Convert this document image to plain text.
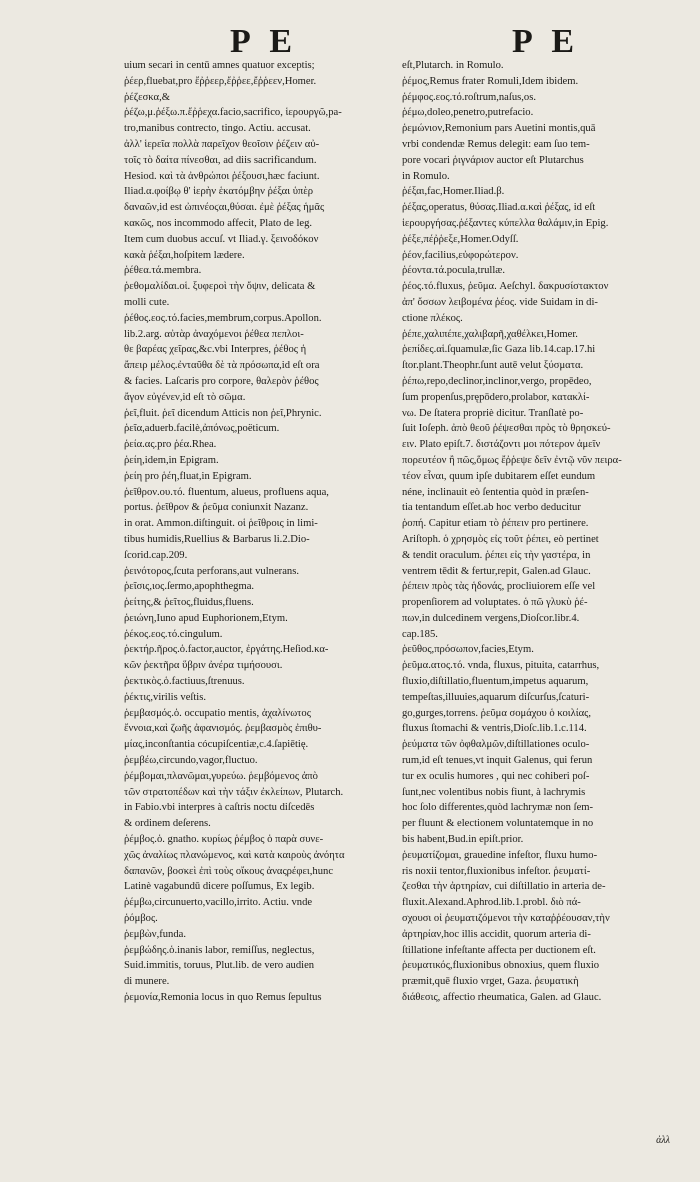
P E	P E
uium secari in centū amnes quatuor exceptis;
ῥέερ,fluebat,pro ἔῤῥεερ,ἔῤῥεε,ἔῤῥεεν,Homer.
ῥέζεσκα,&
ῥέζω,μ.ῥέξω.π.ἔῤῥεχα.facio,sacrifico, ἱερουργῶ,pa-
tro,manibus contrecto, tingo. Actiu. accusat.
ἀλλ' ἱερεῖα πολλὰ παρεῖχον θεοῖσιν ῥέζειν αὐ-
τοῖς τὸ δαίτα πίνεσθαι, ad diis sacrificandum.
Hesiod. καὶ τὰ ἀνθρώποι ῥέξουσι,hæc faciunt.
Iliad.α.φοίβῳ θ' ἱερὴν ἑκατόμβην ῥέξαι ὑπὲρ
δαναῶν,id est ὠπινέοϛαι,θύσαι. ἐμὲ ῥέξας ἡμᾶς
κακῶς, nos incommodo affecit, Plato de leg.
Item cum duobus accuſ. vt Iliad.γ. ξεινοδόκον
κακὰ ῥέξαι,hoſpitem lædere.
ῥέθεα.τά.membra.
ῥεθομαλίδαι.οἱ. ξυφεροὶ τὴν ὄψιν, delicata &
molli cute.
ῥέθος.εος.τό.facies,membrum,corpus.Apollon.
lib.2.arg. αὐτὰρ ἀναχόμενοι ῥέθεα πεπλοι-
θε βαρέας χεῖρας,&c.vbi Interpres, ῥέθος ἡ
ἄπειρ μέλος.ἐνταῦθα δὲ τὰ πρόσωπα,id eſt ora
& facies. Laſcaris pro corpore, θαλερὸν ῥέθος
ἄγον εὐγένεν,id eſt τὸ σῶμα.
ῥεῖ,fluit. ῥεῖ dicendum Atticis non ῥεῖ,Phrynic.
ῥεῖα,aduerb.facilè,ἀπόνως,poëticum.
ῥεία.ας.pro ῥέα.Rhea.
ῥείη,idem,in Epigram.
ῥείη pro ῥέη,fluat,in Epigram.
ῥεῖθρον.ου.τό. fluentum, alueus, profluens aqua,
portus. ῥεῖθρον & ῥεῦμα coniunxit Nazanz.
in orat. Ammon.diſtinguit. οἱ ῥεῖθροις in limi-
tibus humidis,Ruellius & Barbarus li.2.Dio-
ſcorid.cap.209.
ῥεινότορος,ſcuta perforans,aut vulnerans.
ῥεῖσις,ιος.ſermo,apophthegma.
ῥείτης,& ῥεῖτος,fluidus,fluens.
ῥειώνη,Iuno apud Euphorionem,Etym.
ῥέκος.εος.τό.cingulum.
ῥεκτήρ.ῆρος.ὁ.factor,auctor, ἐργάτης.Heſiod.κα-
κῶν ῥεκτῆρα ὕβριν ἀνέρα τιμήσουσι.
ῥεκτικὸς.ὁ.factiuus,ſtrenuus.
ῥέκτις,virilis veſtis.
ῥεμβασμός.ὁ. occupatio mentis, ἀχαλίνωτος
ἔννοια,καὶ ζωῆς ἀφανισμός. ῥεμβασμὸς ἐπιθυ-
μίας,inconſtantia cócupiſcentiæ,c.4.ſapiētię.
ῥεμβέω,circundo,vagor,fluctuo.
ῥέμβομαι,πλανῶμαι,γυρεύω. ῥεμβόμενος ἀπὸ
τῶν στρατοπέδων καὶ τὴν τάξιν ἐκλείπων, Plutarch.
in Fabio.vbi interpres à caſtris noctu diſcedēs
& ordinem deſerens.
ῥέμβος.ὁ. gnatho. κυρίως ῥέμβος ὁ παρὰ συνε-
χῶς ἀναλίως πλανώμενος, καὶ κατὰ καιροὺς ἀνόητα
δαπανῶν, βοσκεὶ ἐπὶ τοὺς οἴκους ἀναςρέφει,hunc
Latinè vagabundū dicere poſſumus, Ex legib.
ῥέμβω,circunuerto,vacillo,irrito. Actiu. vnde
ῥόμβος.
ῥεμβὼν,funda.
ῥεμβώδης.ὁ.inanis labor, remiſſus, neglectus,
Suid.immitis, toruus, Plut.lib. de vero audien
di munere.
ῥεμονία,Remonia locus in quo Remus ſepultus
eſt,Plutarch. in Romulo.
ῥέμος,Remus frater Romuli,Idem ibidem.
ῥέμφος.εος.τό.roſtrum,naſus,os.
ῥέμω,doleo,penetro,putrefacio.
ῥεμώνιον,Remonium pars Auetini montis,quā
vrbi condendæ Remus delegit: eam ſuo tem-
pore vocari ῥιγνάριον auctor eſt Plutarchus
in Romulo.
ῥέξαι,fac,Homer.Iliad.β.
ῥέξας,operatus, θύσας.Iliad.α.καὶ ῥέξας, id eſt
ἱερουργήσας.ῥέξαντες κύπελλα θαλάμιν,in Epig.
ῥέξε,πέῤῥεξε,Homer.Odyſſ.
ῥέον,facilius,εὐφορώτερον.
ῥέοντα.τά.pocula,trullæ.
ῥέος.τό.fluxus, ῥεῦμα. Aeſchyl. δακρυσίστακτον
ἀπ' ὄσσων λειβομένα ῥέος. vide Suidam in di-
ctione πλέκος.
ῥέπε,χαλιπέπε,χαλιβαρῆ,χαθέλκει,Homer.
ῥεπίδες.αἱ.ſquamulæ,ſic Gaza lib.14.cap.17.hi
ſtor.plant.Theophr.ſunt autē velut ξύσματα.
ῥέπω,repo,declinor,inclinor,vergo, propēdeo,
ſum propenſus,prępōdero,prolabor, κατακλί-
νω. De ſtatera propriè dicitur. Tranſlatè po-
ſuit Ioſeph. ἀπὸ θεοῦ ῥέψεσθαι πρὸς τὸ θρησκεύ-
ειν. Plato epiſt.7. διστάζοντι μοι πότερον ἀμεῖν
πορευτέον ἢ πῶς,ὅμως ἔῤῥεψε δεῖν ἐντῷ νῦν πειρα-
τέον εἶναι, quum ipſe dubitarem eſſet eundum
néne, inclinauit eò ſententia quòd in præſen-
tia tentandum eſſet.ab hoc verbo deducitur
ῥοπή. Capitur etiam τὸ ῥέπειν pro pertinere.
Ariſtoph. ὁ χρησμὸς εἰς τοῦτ ῥέπει, eò pertinet
& tendit oraculum. ῥέπει εἰς τὴν γαστέρα, in
ventrem tēdit & fertur,repit, Galen.ad Glauc.
ῥέπειν πρὸς τὰς ἡδονάς, procliuiorem eſſe vel
propenſiorem ad voluptates. ὁ πῶ γλυκὺ ῥέ-
πων,in dulcedinem vergens,Dioſcor.libr.4.
cap.185.
ῥεῦθος,πρόσωπον,facies,Etym.
ῥεῦμα.ατος.τό. vnda, fluxus, pituita, catarrhus,
fluxio,diſtillatio,fluentum,impetus aquarum,
tempeſtas,illuuies,aquarum diſcurſus,ſcaturi-
go,gurges,torrens. ῥεῦμα σομάχου ὁ κοιλίας,
fluxus ſtomachi & ventris,Dioſc.lib.1.c.114.
ῥεύματα τῶν ὀφθαλμῶν,diſtillationes oculo-
rum,id eſt tenues,vt inquit Galenus, qui ferun
tur ex oculis humores , qui nec cohiberi poſ-
ſunt,nec volentibus nobis fiunt, à lachrymis
hoc ſolo differentes,quòd lachrymæ non ſem-
per fluunt & electionem voluntatemque in no
bis habent,Bud.in epiſt.prior.
ῥευματίζομαι, grauedine infeſtor, fluxu humo-
ris noxii tentor,fluxionibus infeſtor. ῥευματί-
ζεσθαι τὴν ἀρτηρίαν, cui diſtillatio in arteria de-
fluxit.Alexand.Aphrod.lib.1.probl. διὸ πά-
σχουσι οἱ ῥευματιζόμενοι τὴν καταῤῥέουσαν,τὴν
ἀρτηρίαν,hoc illis accidit, quorum arteria di-
ſtillatione infeſtante affecta per ductionem eſt.
ῥευματικός,fluxionibus obnoxius, quem fluxio
præmit,quē fluxio vrget, Gaza. ῥευματικὴ
διάθεσις, affectio rheumatica, Galen. ad Glauc.
ἀλλ
